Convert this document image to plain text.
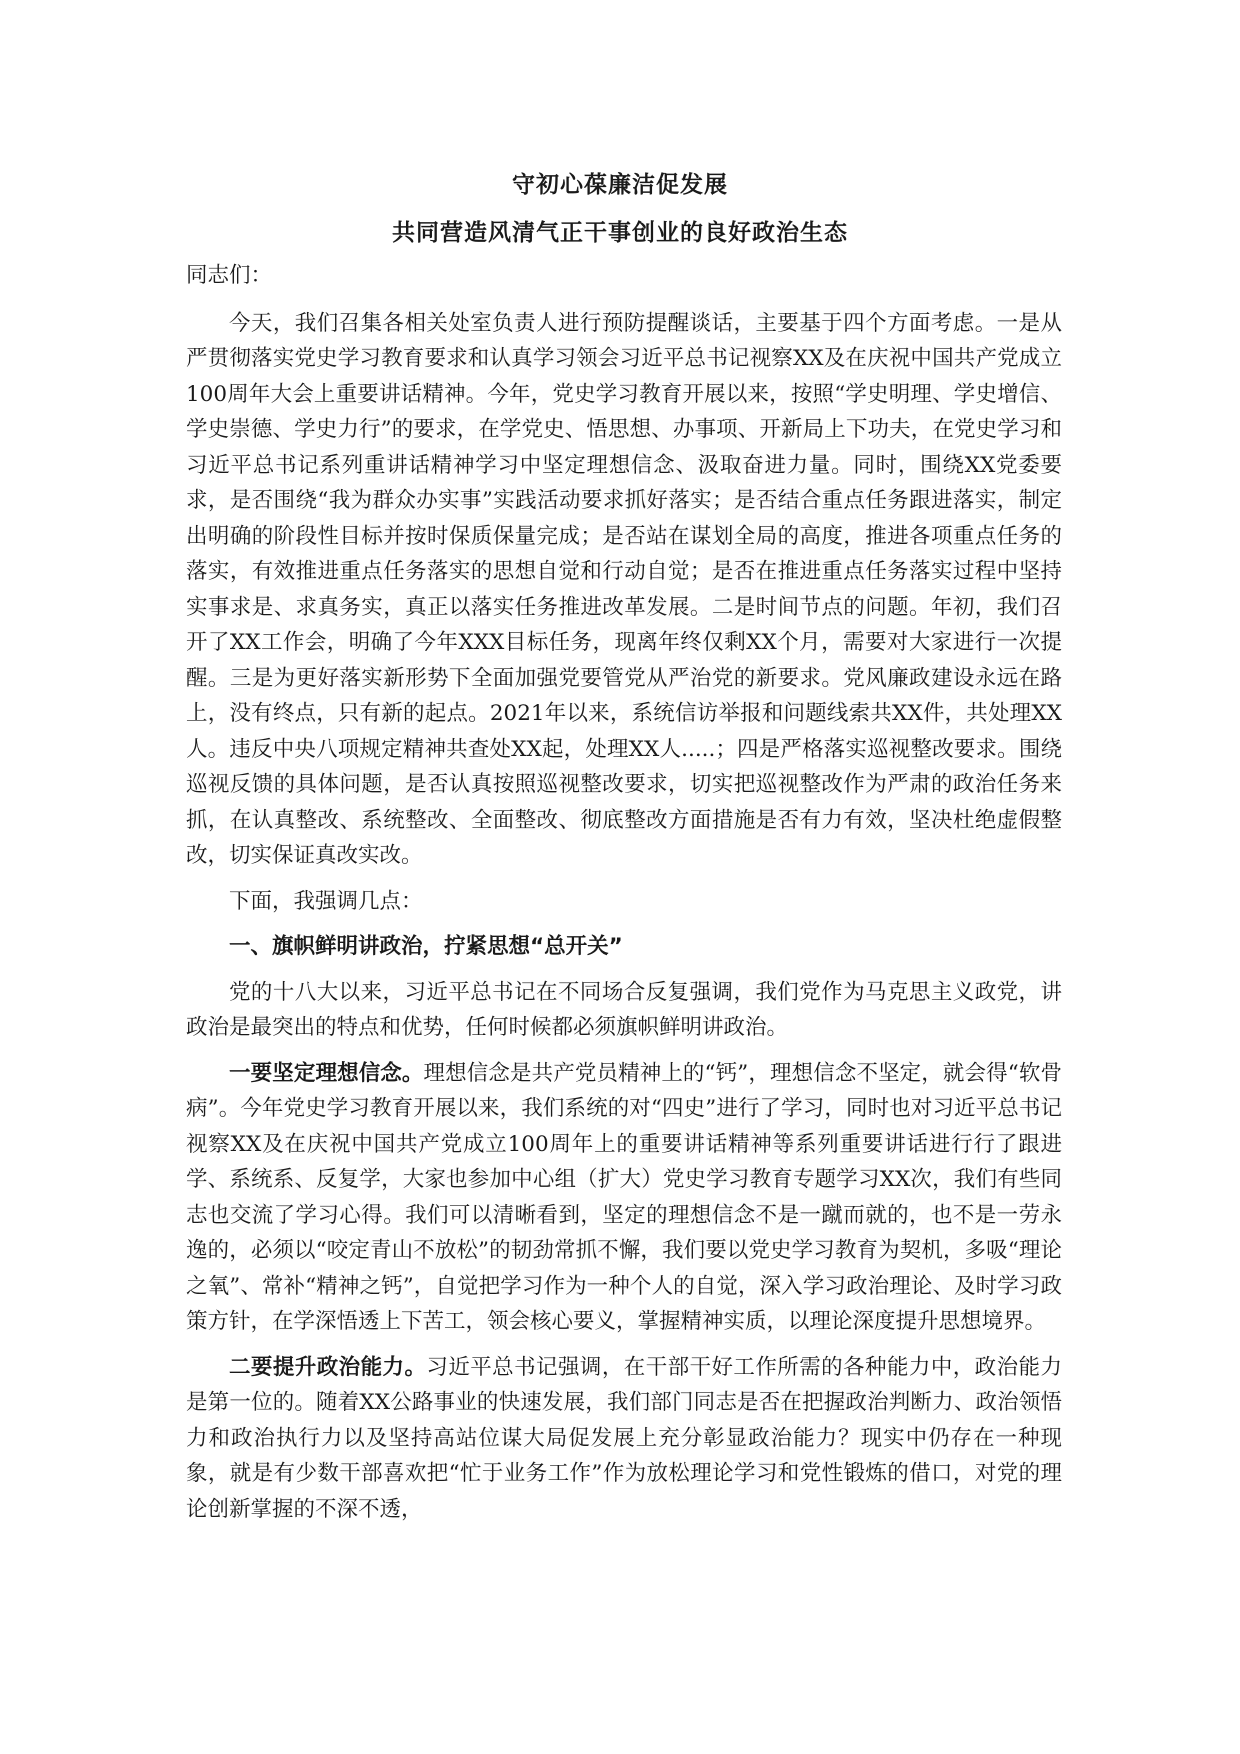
守初心葆廉洁促发展
共同营造风清气正干事创业的良好政治生态

同志们：

今天，我们召集各相关处室负责人进行预防提醒谈话，主要基于四个方面考虑。一是从严贯彻落实党史学习教育要求和认真学习领会习近平总书记视察XX及在庆祝中国共产党成立100周年大会上重要讲话精神。今年，党史学习教育开展以来，按照“学史明理、学史增信、学史崇德、学史力行”的要求，在学党史、悟思想、办事项、开新局上下功夫，在党史学习和习近平总书记系列重讲话精神学习中坚定理想信念、汲取奋进力量。同时，围绕XX党委要求，是否围绕“我为群众办实事”实践活动要求抓好落实；是否结合重点任务跟进落实，制定出明确的阶段性目标并按时保质保量完成；是否站在谋划全局的高度，推进各项重点任务的落实，有效推进重点任务落实的思想自觉和行动自觉；是否在推进重点任务落实过程中坚持实事求是、求真务实，真正以落实任务推进改革发展。二是时间节点的问题。年初，我们召开了XX工作会，明确了今年XXX目标任务，现离年终仅剩XX个月，需要对大家进行一次提醒。三是为更好落实新形势下全面加强党要管党从严治党的新要求。党风廉政建设永远在路上，没有终点，只有新的起点。2021年以来，系统信访举报和问题线索共XX件，共处理XX人。违反中央八项规定精神共查处XX起，处理XX人.....；四是严格落实巡视整改要求。围绕巡视反馈的具体问题，是否认真按照巡视整改要求，切实把巡视整改作为严肃的政治任务来抓，在认真整改、系统整改、全面整改、彻底整改方面措施是否有力有效，坚决杜绝虚假整改，切实保证真改实改。

下面，我强调几点：

一、旗帜鲜明讲政治，拧紧思想“总开关”

党的十八大以来，习近平总书记在不同场合反复强调，我们党作为马克思主义政党，讲政治是最突出的特点和优势，任何时候都必须旗帜鲜明讲政治。

一要坚定理想信念。理想信念是共产党员精神上的“钙”，理想信念不坚定，就会得“软骨病”。今年党史学习教育开展以来，我们系统的对“四史”进行了学习，同时也对习近平总书记视察XX及在庆祝中国共产党成立100周年上的重要讲话精神等系列重要讲话进行行了跟进学、系统系、反复学，大家也参加中心组（扩大）党史学习教育专题学习XX次，我们有些同志也交流了学习心得。我们可以清晰看到，坚定的理想信念不是一蹴而就的，也不是一劳永逸的，必须以“咬定青山不放松”的韧劲常抓不懈，我们要以党史学习教育为契机，多吸“理论之氧”、常补“精神之钙”，自觉把学习作为一种个人的自觉，深入学习政治理论、及时学习政策方针，在学深悟透上下苦工，领会核心要义，掌握精神实质，以理论深度提升思想境界。

二要提升政治能力。习近平总书记强调，在干部干好工作所需的各种能力中，政治能力是第一位的。随着XX公路事业的快速发展，我们部门同志是否在把握政治判断力、政治领悟力和政治执行力以及坚持高站位谋大局促发展上充分彰显政治能力？现实中仍存在一种现象，就是有少数干部喜欢把“忙于业务工作”作为放松理论学习和党性锻炼的借口，对党的理论创新掌握的不深不透，
